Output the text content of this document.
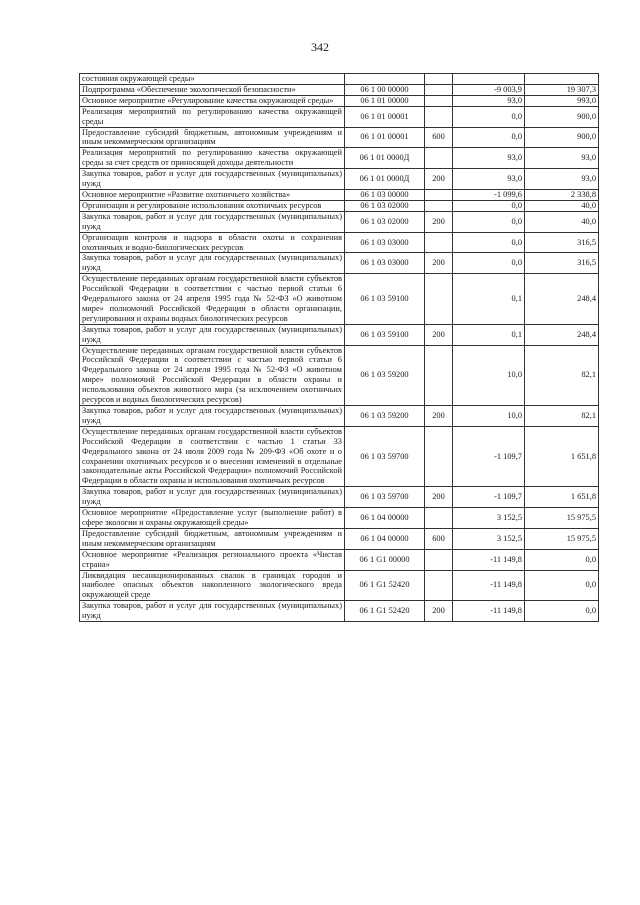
342
состояния окружающей среды»				
Подпрограмма «Обеспечение экологической безопасности»	06 1 00 00000		-9 003,9	19 307,3
Основное мероприятие «Регулирование качества окружающей среды»	06 1 01 00000		93,0	993,0
Реализация мероприятий по регулированию качества окружающей среды	06 1 01 00001		0,0	900,0
Предоставление субсидий бюджетным, автономным учреждениям и иным некоммерческим организациям	06 1 01 00001	600	0,0	900,0
Реализация мероприятий по регулированию качества окружающей среды за счет средств от приносящей доходы деятельности	06 1 01 0000Д		93,0	93,0
Закупка товаров, работ и услуг для государственных (муниципальных) нужд	06 1 01 0000Д	200	93,0	93,0
Основное мероприятие «Развитие охотничьего хозяйства»	06 1 03 00000		-1 099,6	2 338,8
Организация и регулирование использования охотничьих ресурсов	06 1 03 02000		0,0	40,0
Закупка товаров, работ и услуг для государственных (муниципальных) нужд	06 1 03 02000	200	0,0	40,0
Организация контроля и надзора в области охоты и сохранения охотничьих и водно-биологических ресурсов	06 1 03 03000		0,0	316,5
Закупка товаров, работ и услуг для государственных (муниципальных) нужд	06 1 03 03000	200	0,0	316,5
Осуществление переданных органам государственной власти субъектов Российской Федерации в соответствии с частью первой статьи 6 Федерального закона от 24 апреля 1995 года № 52-ФЗ «О животном мире» полномочий Российской Федерации в области организации, регулирования и охраны водных биологических ресурсов	06 1 03 59100		0,1	248,4
Закупка товаров, работ и услуг для государственных (муниципальных) нужд	06 1 03 59100	200	0,1	248,4
Осуществление переданных органам государственной власти субъектов Российской Федерации в соответствии с частью первой статьи 6 Федерального закона от 24 апреля 1995 года № 52-ФЗ «О животном мире» полномочий Российской Федерации в области охраны и использования объектов животного мира (за исключением охотничьих ресурсов и водных биологических ресурсов)	06 1 03 59200		10,0	82,1
Закупка товаров, работ и услуг для государственных (муниципальных) нужд	06 1 03 59200	200	10,0	82,1
Осуществление переданных органам государственной власти субъектов Российской Федерации в соответствии с частью 1 статьи 33 Федерального закона от 24 июля 2009 года № 209-ФЗ «Об охоте и о сохранении охотничьих ресурсов и о внесении изменений в отдельные законодательные акты Российской Федерации» полномочий Российской Федерации в области охраны и использования охотничьих ресурсов	06 1 03 59700		-1 109,7	1 651,8
Закупка товаров, работ и услуг для государственных (муниципальных) нужд	06 1 03 59700	200	-1 109,7	1 651,8
Основное мероприятие «Предоставление услуг (выполнение работ) в сфере экологии и охраны окружающей среды»	06 1 04 00000		3 152,5	15 975,5
Предоставление субсидий бюджетным, автономным учреждениям и иным некоммерческим организациям	06 1 04 00000	600	3 152,5	15 975,5
Основное мероприятие «Реализация регионального проекта «Чистая страна»	06 1 G1 00000		-11 149,8	0,0
Ликвидация несанкционированных свалок в границах городов и наиболее опасных объектов накопленного экологического вреда окружающей среде	06 1 G1 52420		-11 149,8	0,0
Закупка товаров, работ и услуг для государственных (муниципальных) нужд	06 1 G1 52420	200	-11 149,8	0,0
